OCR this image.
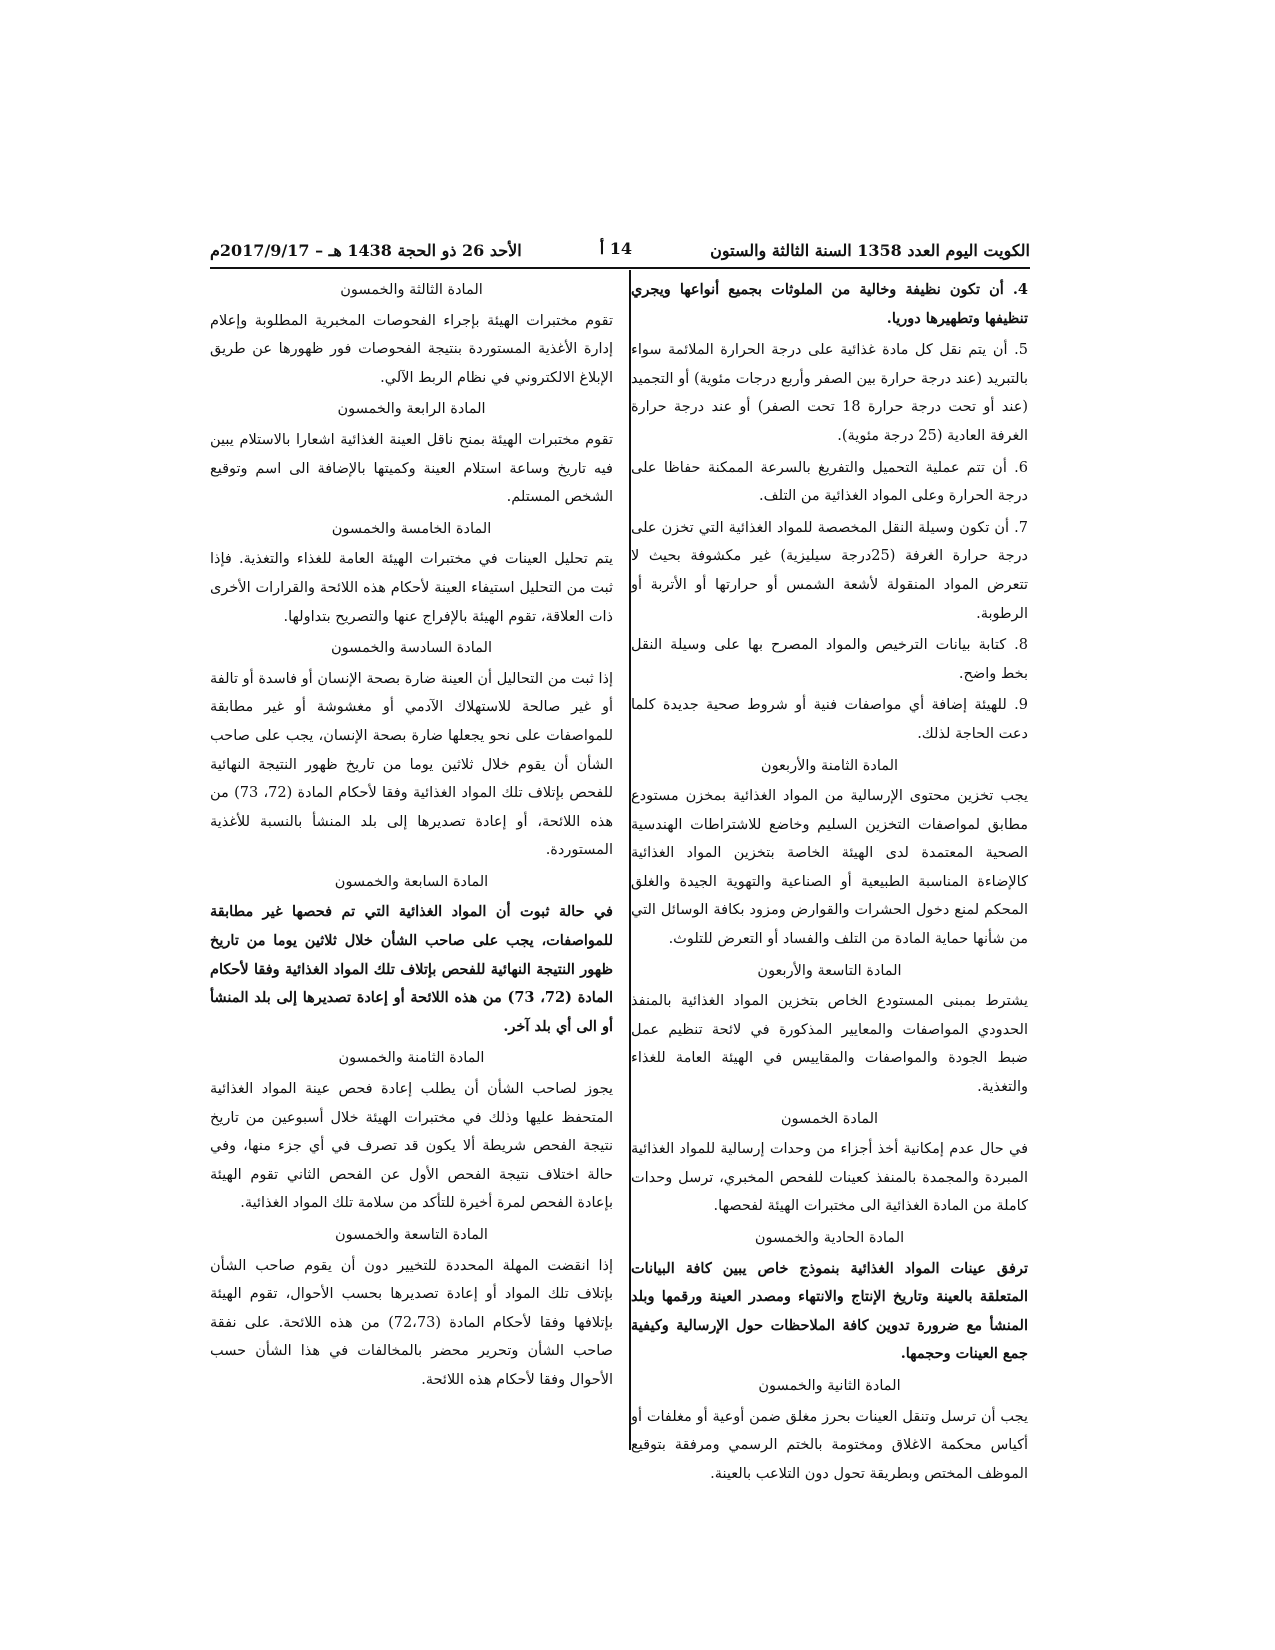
الكويت اليوم العدد 1358 السنة الثالثة والستون
14 أ
الأحد 26 ذو الحجة 1438 هـ – 2017/9/17م

4. أن تكون نظيفة وخالية من الملوثات بجميع أنواعها ويجري تنظيفها وتطهيرها دوريا.

5. أن يتم نقل كل مادة غذائية على درجة الحرارة الملائمة سواء بالتبريد (عند درجة حرارة بين الصفر وأربع درجات مئوية) أو التجميد (عند أو تحت درجة حرارة 18 تحت الصفر) أو عند درجة حرارة الغرفة العادية (25 درجة مئوية).

6. أن تتم عملية التحميل والتفريغ بالسرعة الممكنة حفاظا على درجة الحرارة وعلى المواد الغذائية من التلف.

7. أن تكون وسيلة النقل المخصصة للمواد الغذائية التي تخزن على درجة حرارة الغرفة (25درجة سيليزية) غير مكشوفة بحيث لا تتعرض المواد المنقولة لأشعة الشمس أو حرارتها أو الأتربة أو الرطوبة.

8. كتابة بيانات الترخيص والمواد المصرح بها على وسيلة النقل بخط واضح.

9. للهيئة إضافة أي مواصفات فنية أو شروط صحية جديدة كلما دعت الحاجة لذلك.

المادة الثامنة والأربعون

يجب تخزين محتوى الإرسالية من المواد الغذائية بمخزن مستودع مطابق لمواصفات التخزين السليم وخاضع للاشتراطات الهندسية الصحية المعتمدة لدى الهيئة الخاصة بتخزين المواد الغذائية كالإضاءة المناسبة الطبيعية أو الصناعية والتهوية الجيدة والغلق المحكم لمنع دخول الحشرات والقوارض ومزود بكافة الوسائل التي من شأنها حماية المادة من التلف والفساد أو التعرض للتلوث.

المادة التاسعة والأربعون

يشترط بمبنى المستودع الخاص بتخزين المواد الغذائية بالمنفذ الحدودي المواصفات والمعايير المذكورة في لائحة تنظيم عمل ضبط الجودة والمواصفات والمقاييس في الهيئة العامة للغذاء والتغذية.

المادة الخمسون

في حال عدم إمكانية أخذ أجزاء من وحدات إرسالية للمواد الغذائية المبردة والمجمدة بالمنفذ كعينات للفحص المخبري، ترسل وحدات كاملة من المادة الغذائية الى مختبرات الهيئة لفحصها.

المادة الحادية والخمسون

ترفق عينات المواد الغذائية بنموذج خاص يبين كافة البيانات المتعلقة بالعينة وتاريخ الإنتاج والانتهاء ومصدر العينة ورقمها وبلد المنشأ مع ضرورة تدوين كافة الملاحظات حول الإرسالية وكيفية جمع العينات وحجمها.

المادة الثانية والخمسون

يجب أن ترسل وتنقل العينات بحرز مغلق ضمن أوعية أو مغلفات أو أكياس محكمة الاغلاق ومختومة بالختم الرسمي ومرفقة بتوقيع الموظف المختص وبطريقة تحول دون التلاعب بالعينة.

المادة الثالثة والخمسون

تقوم مختبرات الهيئة بإجراء الفحوصات المخبرية المطلوبة وإعلام إدارة الأغذية المستوردة بنتيجة الفحوصات فور ظهورها عن طريق الإبلاغ الالكتروني في نظام الربط الآلي.

المادة الرابعة والخمسون

تقوم مختبرات الهيئة بمنح ناقل العينة الغذائية اشعارا بالاستلام يبين فيه تاريخ وساعة استلام العينة وكميتها بالإضافة الى اسم وتوقيع الشخص المستلم.

المادة الخامسة والخمسون

يتم تحليل العينات في مختبرات الهيئة العامة للغذاء والتغذية. فإذا ثبت من التحليل استيفاء العينة لأحكام هذه اللائحة والقرارات الأخرى ذات العلاقة، تقوم الهيئة بالإفراج عنها والتصريح بتداولها.

المادة السادسة والخمسون

إذا ثبت من التحاليل أن العينة ضارة بصحة الإنسان أو فاسدة أو تالفة أو غير صالحة للاستهلاك الآدمي أو مغشوشة أو غير مطابقة للمواصفات على نحو يجعلها ضارة بصحة الإنسان، يجب على صاحب الشأن أن يقوم خلال ثلاثين يوما من تاريخ ظهور النتيجة النهائية للفحص بإتلاف تلك المواد الغذائية وفقا لأحكام المادة (72، 73) من هذه اللائحة، أو إعادة تصديرها إلى بلد المنشأ بالنسبة للأغذية المستوردة.

المادة السابعة والخمسون

في حالة ثبوت أن المواد الغذائية التي تم فحصها غير مطابقة للمواصفات، يجب على صاحب الشأن خلال ثلاثين يوما من تاريخ ظهور النتيجة النهائية للفحص بإتلاف تلك المواد الغذائية وفقا لأحكام المادة (72، 73) من هذه اللائحة أو إعادة تصديرها إلى بلد المنشأ أو الى أي بلد آخر.

المادة الثامنة والخمسون

يجوز لصاحب الشأن أن يطلب إعادة فحص عينة المواد الغذائية المتحفظ عليها وذلك في مختبرات الهيئة خلال أسبوعين من تاريخ نتيجة الفحص شريطة ألا يكون قد تصرف في أي جزء منها، وفي حالة اختلاف نتيجة الفحص الأول عن الفحص الثاني تقوم الهيئة بإعادة الفحص لمرة أخيرة للتأكد من سلامة تلك المواد الغذائية.

المادة التاسعة والخمسون

إذا انقضت المهلة المحددة للتخيير دون أن يقوم صاحب الشأن بإتلاف تلك المواد أو إعادة تصديرها بحسب الأحوال، تقوم الهيئة بإتلافها وفقا لأحكام المادة (72،73) من هذه اللائحة. على نفقة صاحب الشأن وتحرير محضر بالمخالفات في هذا الشأن حسب الأحوال وفقا لأحكام هذه اللائحة.
